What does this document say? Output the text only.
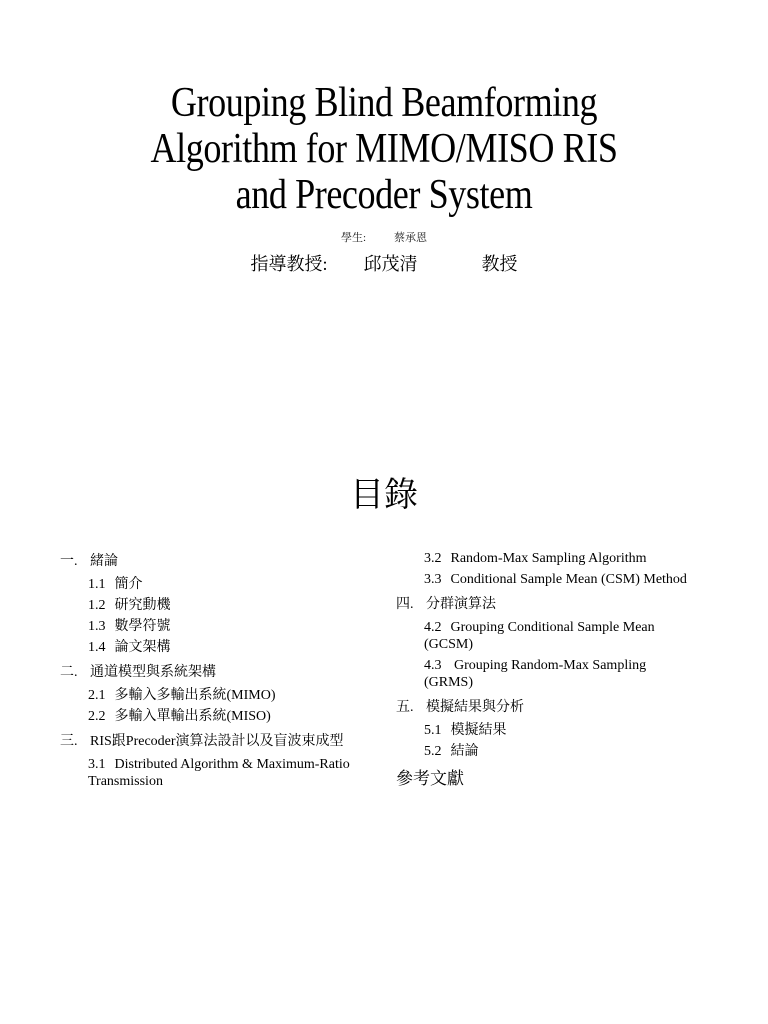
Grouping Blind Beamforming
Algorithm for MIMO/MISO RIS
and Precoder System
學生:	蔡承恩
指導教授: 邱茂清	教授
目錄
一. 緒論
1.1 簡介
1.2 研究動機
1.3 數學符號
1.4 論文架構
二. 通道模型與系統架構
2.1 多輸入多輸出系統(MIMO)
2.2 多輸入單輸出系統(MISO)
三. RIS跟Precoder演算法設計以及盲波束成型
3.1 Distributed Algorithm & Maximum-Ratio Transmission
3.2 Random-Max Sampling Algorithm
3.3 Conditional Sample Mean (CSM) Method
四. 分群演算法
4.2 Grouping Conditional Sample Mean (GCSM)
4.3 Grouping Random-Max Sampling (GRMS)
五. 模擬結果與分析
5.1 模擬結果
5.2 結論
參考文獻
